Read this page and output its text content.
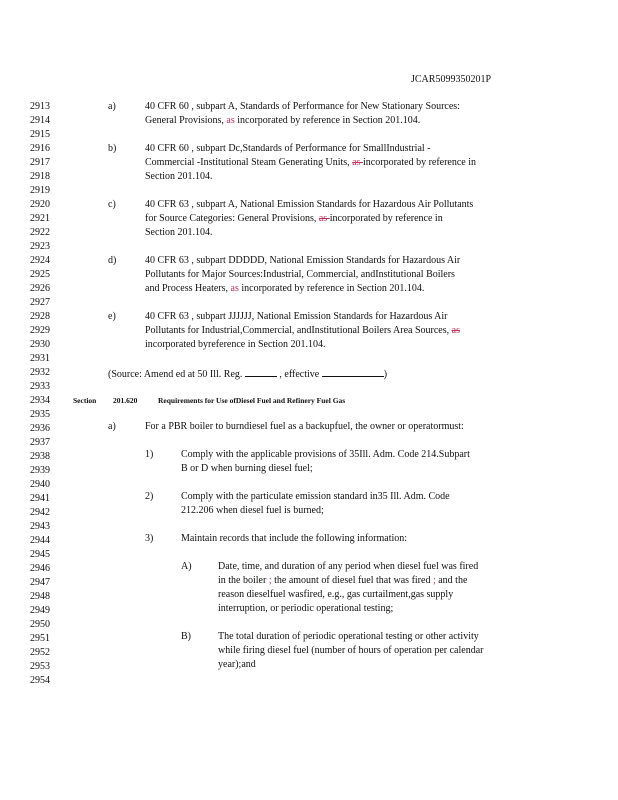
JCAR5099350201P
2913
2914
2915
2916
2917
2918
2919
2920
2921
2922
2923
2924
2925
2926
2927
2928
2929
2930
2931
2932
2933
2934
2935
2936
2937
2938
2939
2940
2941
2942
2943
2944
2945
2946
2947
2948
2949
2950
2951
2952
2953
2954
a)	40 CFR 60 , subpart A, Standards of Performance for New Stationary Sources:
General Provisions, as incorporated by reference in Section 201.104.
b)	40 CFR 60 , subpart Dc,Standards of Performance for SmallIndustrial -
Commercial -Institutional Steam Generating Units, as incorporated by reference in
Section 201.104.
c)	40 CFR 63 , subpart A, National Emission Standards for Hazardous Air Pollutants
for Source Categories: General Provisions, as incorporated by reference in
Section 201.104.
d)	40 CFR 63 , subpart DDDDD, National Emission Standards for Hazardous Air
Pollutants for Major Sources:Industrial, Commercial, andInstitutional Boilers
and Process Heaters, as incorporated by reference in Section 201.104.
e)	40 CFR 63 , subpart JJJJJJ, National Emission Standards for Hazardous Air
Pollutants for Industrial,Commercial, andInstitutional Boilers Area Sources, as
incorporated byreference in Section 201.104.
(Source: Amend ed at 50 Ill. Reg.	, effective	)
Section 201.620	Requirements for Use ofDiesel Fuel and Refinery Fuel Gas
a)	For a PBR boiler to burndiesel fuel as a backupfuel, the owner or operatormust:
1)	Comply with the applicable provisions of 35Ill. Adm. Code 214.Subpart
B or D when burning diesel fuel;
2)	Comply with the particulate emission standard in35 Ill. Adm. Code
212.206 when diesel fuel is burned;
3)	Maintain records that include the following information:
A)	Date, time, and duration of any period when diesel fuel was fired
in the boiler ; the amount of diesel fuel that was fired ; and the
reason dieselfuel wasfired, e.g., gas curtailment,gas supply
interruption, or periodic operational testing;
B)	The total duration of periodic operational testing or other activity
while firing diesel fuel (number of hours of operation per calendar
year);and
